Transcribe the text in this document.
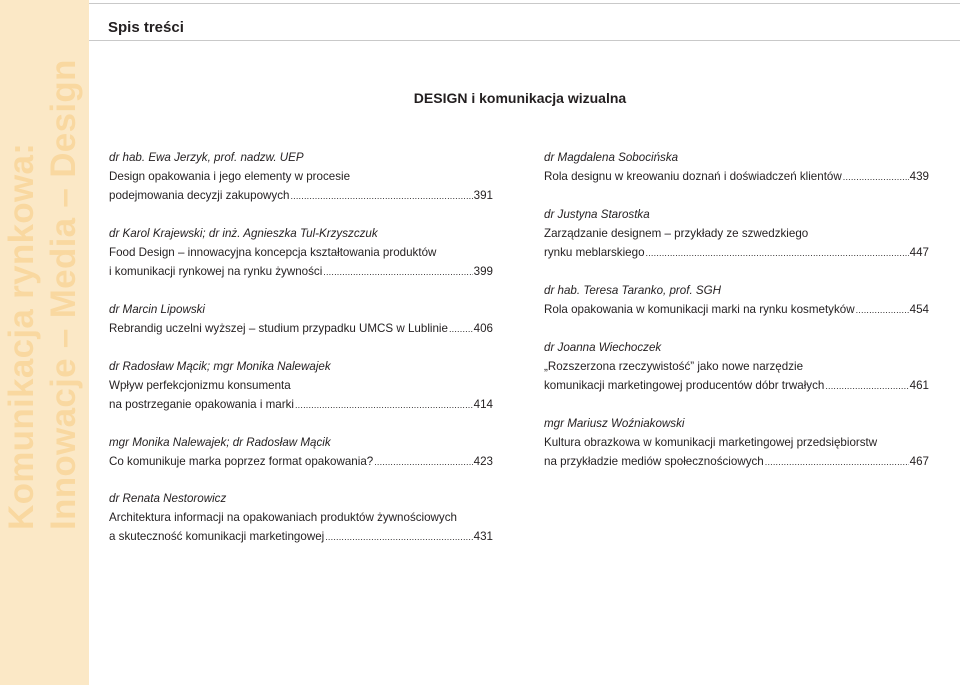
Komunikacja rynkowa: Innowacje – Media – Design
Spis treści
DESIGN i komunikacja wizualna
dr hab. Ewa Jerzyk, prof. nadzw. UEP
Design opakowania i jego elementy w procesie
podejmowania decyzji zakupowych .....	391
dr Karol Krajewski; dr inż. Agnieszka Tul-Krzyszczuk
Food Design – innowacyjna koncepcja kształtowania produktów
i komunikacji rynkowej na rynku żywności .....	399
dr Marcin Lipowski
Rebrandig uczelni wyższej – studium przypadku UMCS w Lublinie ..... 406
dr Radosław Mącik; mgr Monika Nalewajek
Wpływ perfekcjonizmu konsumenta
na postrzeganie opakowania i marki .....	414
mgr Monika Nalewajek; dr Radosław Mącik
Co komunikuje marka poprzez format opakowania? .....	423
dr Renata Nestorowicz
Architektura informacji na opakowaniach produktów żywnościowych
a skuteczność komunikacji marketingowej .....	431
dr Magdalena Sobocińska
Rola designu w kreowaniu doznań i doświadczeń klientów .....	439
dr Justyna Starostka
Zarządzanie designem – przykłady ze szwedzkiego
rynku meblarskiego .....	447
dr hab. Teresa Taranko, prof. SGH
Rola opakowania w komunikacji marki na rynku kosmetyków .....	454
dr Joanna Wiechoczek
„Rozszerzona rzeczywistość” jako nowe narzędzie
komunikacji marketingowej producentów dóbr trwałych .....	461
mgr Mariusz Woźniakowski
Kultura obrazkowa w komunikacji marketingowej przedsiębiorstw
na przykładzie mediów społecznościowych .....	467
